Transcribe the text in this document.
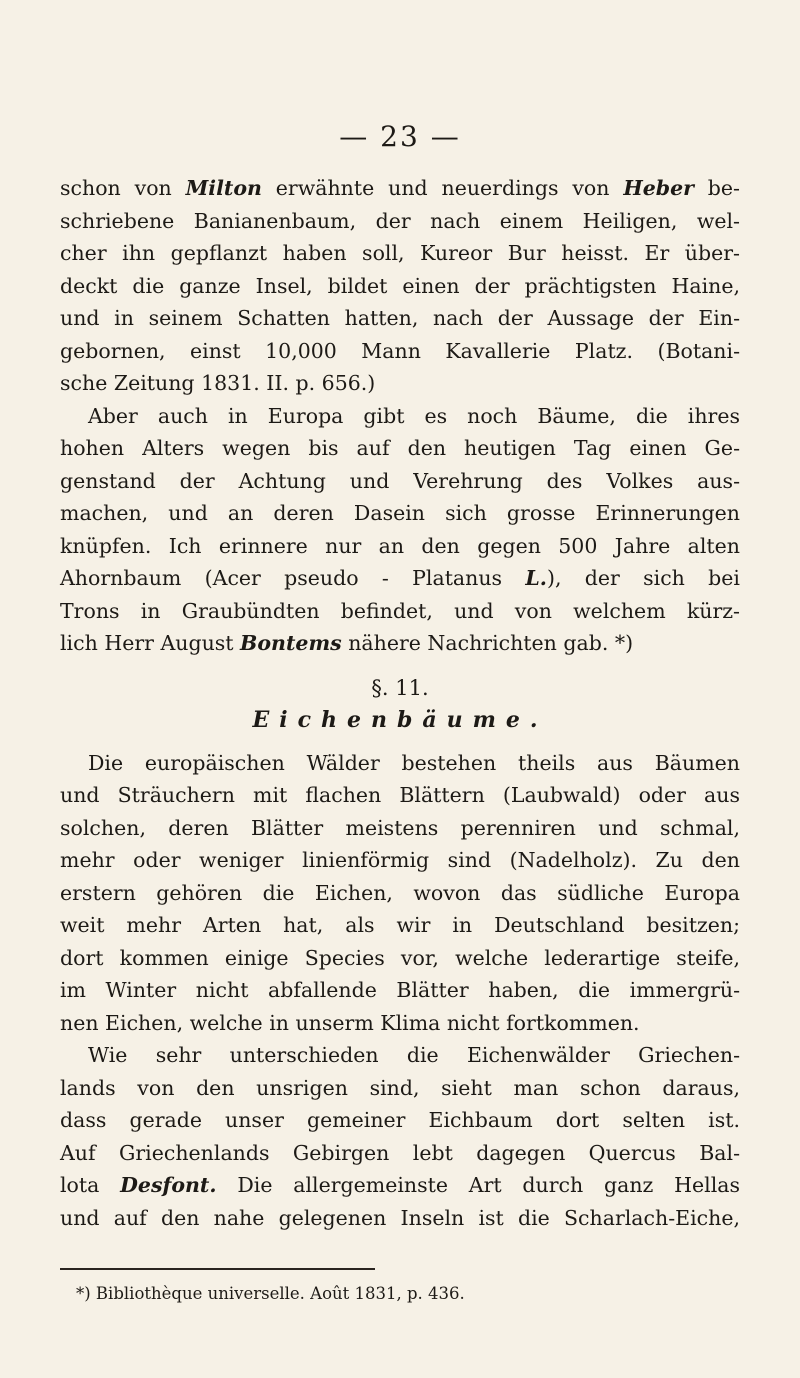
— 23 —
schon von Milton erwähnte und neuerdings von Heber be-
schriebene Banianenbaum, der nach einem Heiligen, wel-
cher ihn gepflanzt haben soll, Kureor Bur heisst. Er über-
deckt die ganze Insel, bildet einen der prächtigsten Haine,
und in seinem Schatten hatten, nach der Aussage der Ein-
gebornen, einst 10,000 Mann Kavallerie Platz. (Botani-
sche Zeitung 1831. II. p. 656.)
Aber auch in Europa gibt es noch Bäume, die ihres
hohen Alters wegen bis auf den heutigen Tag einen Ge-
genstand der Achtung und Verehrung des Volkes aus-
machen, und an deren Dasein sich grosse Erinnerungen
knüpfen. Ich erinnere nur an den gegen 500 Jahre alten
Ahornbaum (Acer pseudo - Platanus L.), der sich bei
Trons in Graubündten befindet, und von welchem kürz-
lich Herr August Bontems nähere Nachrichten gab. *)
§. 11.
Eichenbäume.
Die europäischen Wälder bestehen theils aus Bäumen
und Sträuchern mit flachen Blättern (Laubwald) oder aus
solchen, deren Blätter meistens perenniren und schmal,
mehr oder weniger linienförmig sind (Nadelholz). Zu den
erstern gehören die Eichen, wovon das südliche Europa
weit mehr Arten hat, als wir in Deutschland besitzen;
dort kommen einige Species vor, welche lederartige steife,
im Winter nicht abfallende Blätter haben, die immergrü-
nen Eichen, welche in unserm Klima nicht fortkommen.
Wie sehr unterschieden die Eichenwälder Griechen-
lands von den unsrigen sind, sieht man schon daraus,
dass gerade unser gemeiner Eichbaum dort selten ist.
Auf Griechenlands Gebirgen lebt dagegen Quercus Bal-
lota Desfont. Die allergemeinste Art durch ganz Hellas
und auf den nahe gelegenen Inseln ist die Scharlach-Eiche,
*) Bibliothèque universelle. Août 1831, p. 436.
